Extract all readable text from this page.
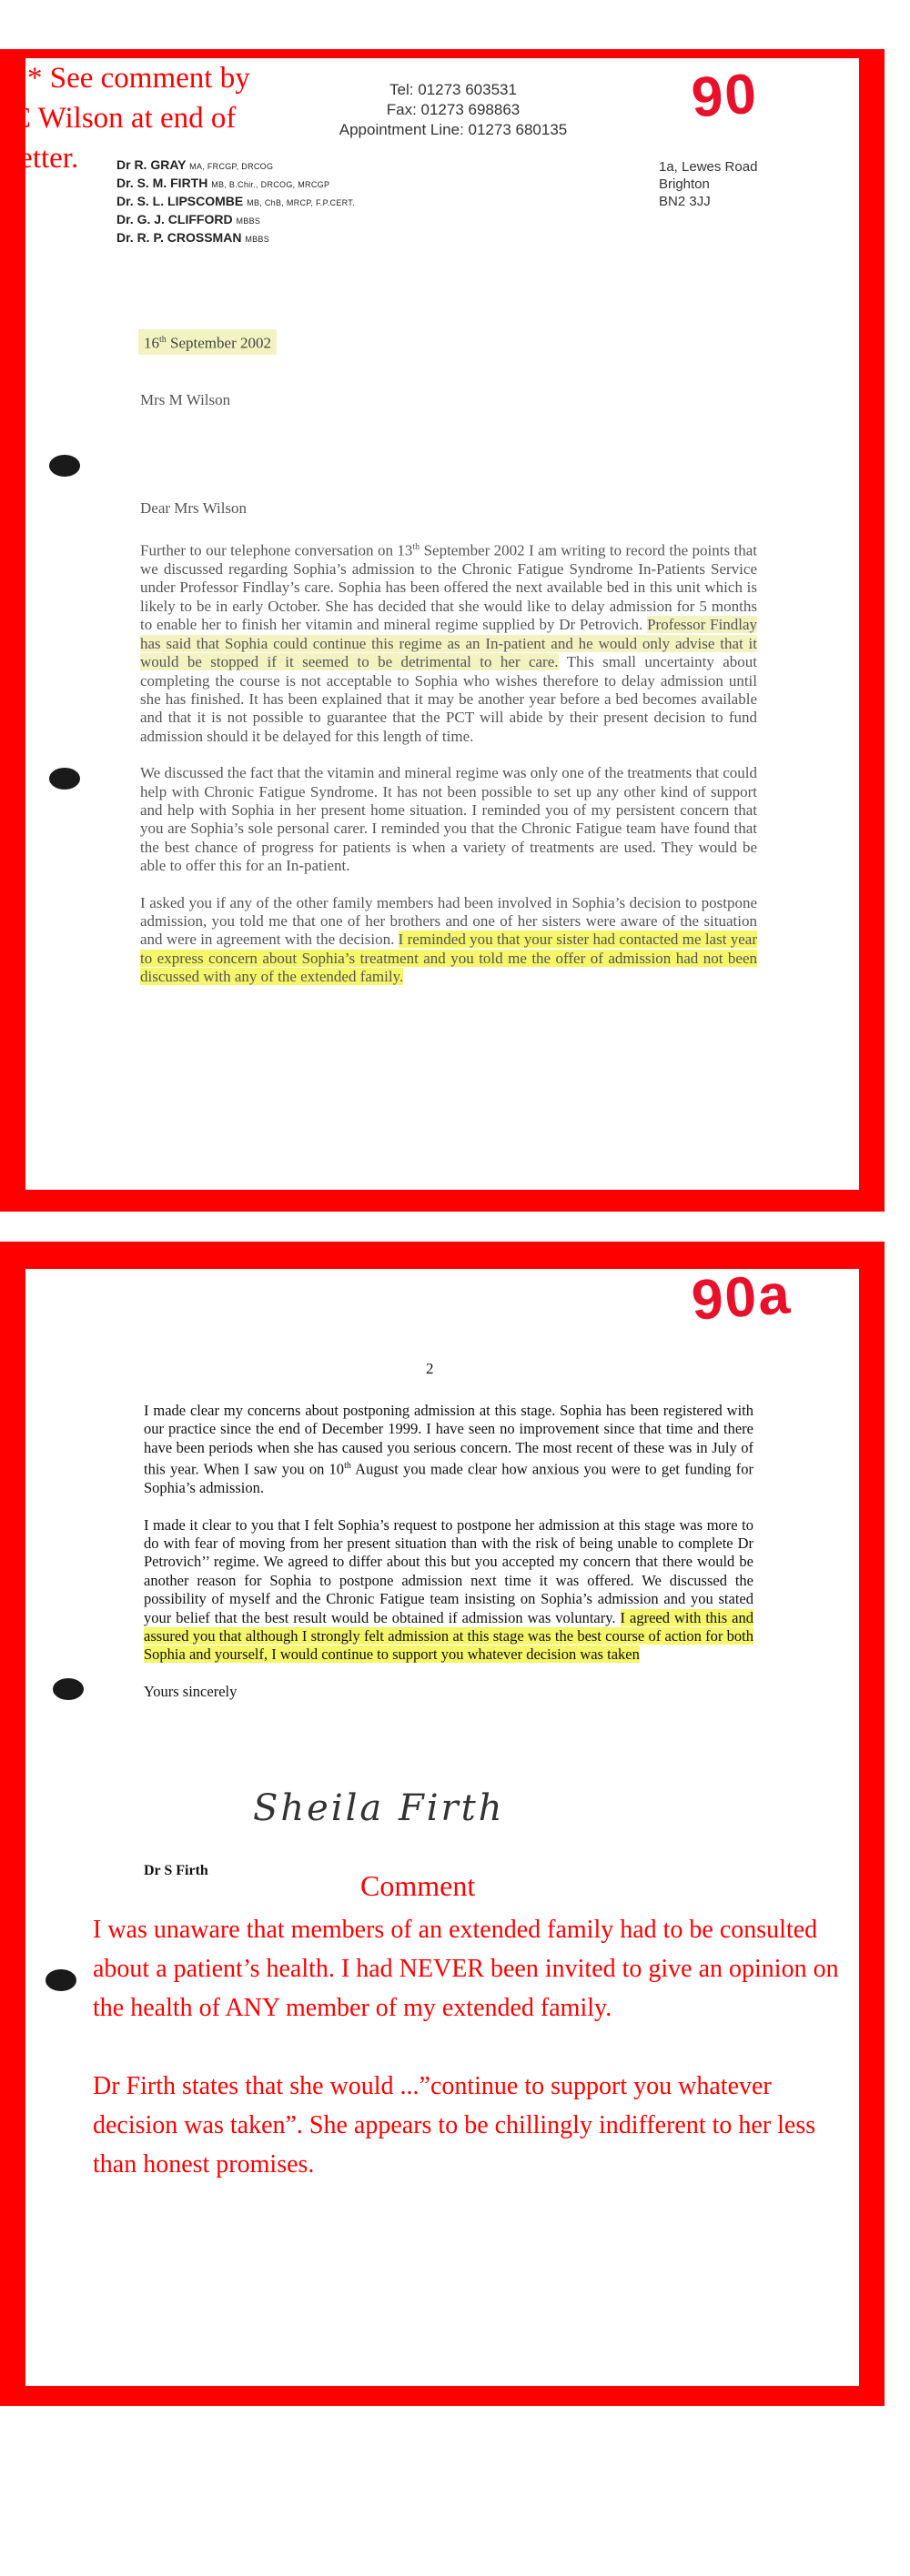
* See comment by
C Wilson at end of
letter.
90
Tel: 01273 603531
Fax: 01273 698863
Appointment Line: 01273 680135
Dr R. GRAY MA, FRCGP, DRCOG
Dr. S. M. FIRTH MB, B.Chir., DRCOG, MRCGP
Dr. S. L. LIPSCOMBE MB, ChB, MRCP, F.P.CERT.
Dr. G. J. CLIFFORD MBBS
Dr. R. P. CROSSMAN MBBS
1a, Lewes Road
Brighton
BN2 3JJ
16th September 2002
Mrs M Wilson
Dear Mrs Wilson

Further to our telephone conversation on 13th September 2002 I am writing to record the points that we discussed regarding Sophia’s admission to the Chronic Fatigue Syndrome In-Patients Service under Professor Findlay’s care. Sophia has been offered the next available bed in this unit which is likely to be in early October. She has decided that she would like to delay admission for 5 months to enable her to finish her vitamin and mineral regime supplied by Dr Petrovich. Professor Findlay has said that Sophia could continue this regime as an In-patient and he would only advise that it would be stopped if it seemed to be detrimental to her care. This small uncertainty about completing the course is not acceptable to Sophia who wishes therefore to delay admission until she has finished. It has been explained that it may be another year before a bed becomes available and that it is not possible to guarantee that the PCT will abide by their present decision to fund admission should it be delayed for this length of time.

We discussed the fact that the vitamin and mineral regime was only one of the treatments that could help with Chronic Fatigue Syndrome. It has not been possible to set up any other kind of support and help with Sophia in her present home situation. I reminded you of my persistent concern that you are Sophia’s sole personal carer. I reminded you that the Chronic Fatigue team have found that the best chance of progress for patients is when a variety of treatments are used. They would be able to offer this for an In-patient.

I asked you if any of the other family members had been involved in Sophia’s decision to postpone admission, you told me that one of her brothers and one of her sisters were aware of the situation and were in agreement with the decision. I reminded you that your sister had contacted me last year to express concern about Sophia’s treatment and you told me the offer of admission had not been discussed with any of the extended family.

90a
2

I made clear my concerns about postponing admission at this stage. Sophia has been registered with our practice since the end of December 1999. I have seen no improvement since that time and there have been periods when she has caused you serious concern. The most recent of these was in July of this year. When I saw you on 10th August you made clear how anxious you were to get funding for Sophia’s admission.

I made it clear to you that I felt Sophia’s request to postpone her admission at this stage was more to do with fear of moving from her present situation than with the risk of being unable to complete Dr Petrovich’’ regime. We agreed to differ about this but you accepted my concern that there would be another reason for Sophia to postpone admission next time it was offered. We discussed the possibility of myself and the Chronic Fatigue team insisting on Sophia’s admission and you stated your belief that the best result would be obtained if admission was voluntary. I agreed with this and assured you that although I strongly felt admission at this stage was the best course of action for both Sophia and yourself, I would continue to support you whatever decision was taken

Yours sincerely

Sheila Firth
Dr S Firth	Comment

I was unaware that members of an extended family had to be consulted about a patient’s health. I had NEVER been invited to give an opinion on the health of ANY member of my extended family.

Dr Firth states that she would ...”continue to support you whatever decision was taken”. She appears to be chillingly indifferent to her less than honest promises.
